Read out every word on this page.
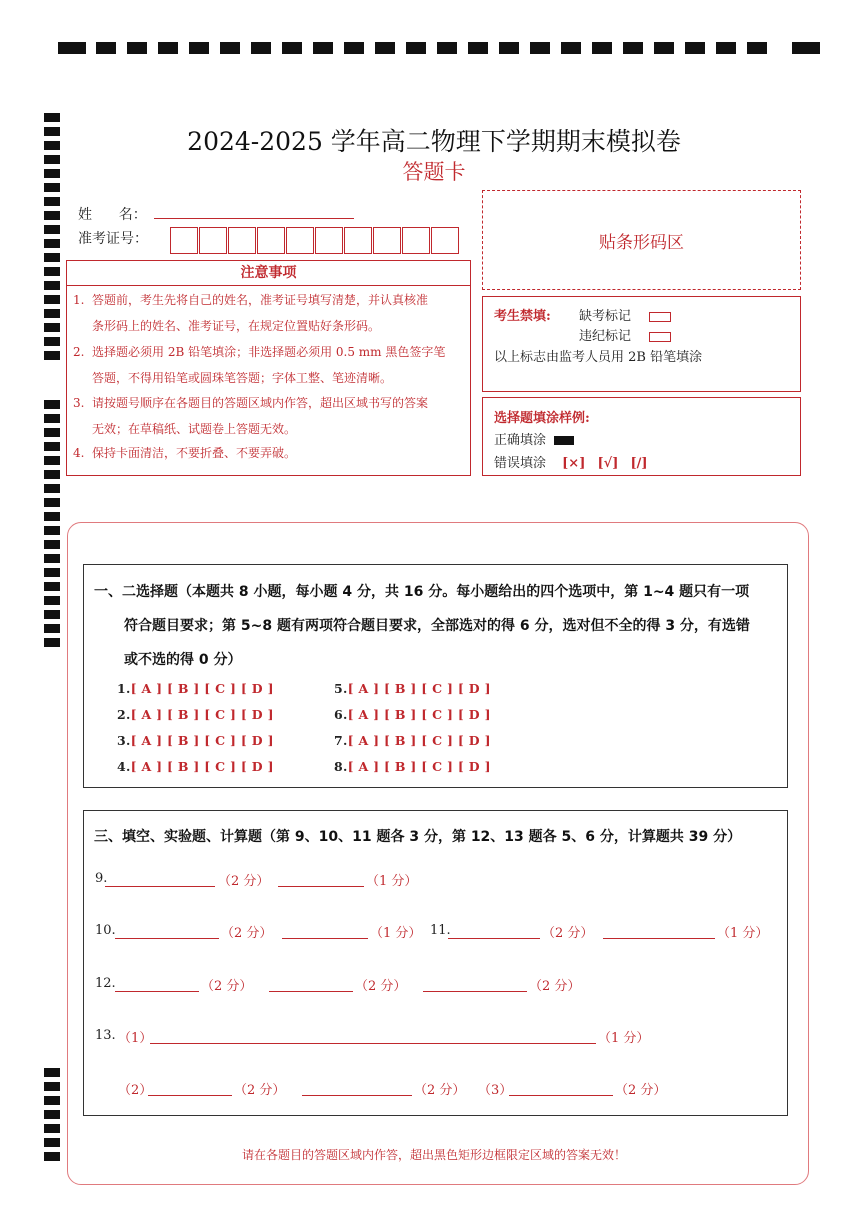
2024-2025 学年高二物理下学期期末模拟卷
答题卡
姓      名：
准考证号：
注意事项
1. 答题前，考生先将自己的姓名，准考证号填写清楚，并认真核准
条形码上的姓名、准考证号，在规定位置贴好条形码。
2. 选择题必须用 2B 铅笔填涂；非选择题必须用 0.5 mm 黑色签字笔
答题，不得用铅笔或圆珠笔答题；字体工整、笔迹清晰。
3. 请按题号顺序在各题目的答题区域内作答，超出区域书写的答案
无效；在草稿纸、试题卷上答题无效。
4. 保持卡面清洁，不要折叠、不要弄破。
贴条形码区
考生禁填: 缺考标记
违纪标记
以上标志由监考人员用 2B 铅笔填涂
选择题填涂样例:
正确填涂
错误填涂 [×] [√] [/]
一、二选择题（本题共 8 小题，每小题 4 分，共 16 分。每小题给出的四个选项中，第 1~4 题只有一项
符合题目要求；第 5~8 题有两项符合题目要求，全部选对的得 6 分，选对但不全的得 3 分，有选错
或不选的得 0 分）
1.[ A ] [ B ] [ C ] [ D ]
2.[ A ] [ B ] [ C ] [ D ]
3.[ A ] [ B ] [ C ] [ D ]
4.[ A ] [ B ] [ C ] [ D ]
5.[ A ] [ B ] [ C ] [ D ]
6.[ A ] [ B ] [ C ] [ D ]
7.[ A ] [ B ] [ C ] [ D ]
8.[ A ] [ B ] [ C ] [ D ]
三、填空、实验题、计算题（第 9、10、11 题各 3 分，第 12、13 题各 5、6 分，计算题共 39 分）
9.	（2 分）	（1 分）
10.	（2 分）	（1 分） 11.	（2 分）	（1 分）
12.	（2 分）	（2 分）	（2 分）
13. （1）	（1 分）
（2）	（2 分）	（2 分） （3）	（2 分）
请在各题目的答题区域内作答，超出黑色矩形边框限定区域的答案无效！
